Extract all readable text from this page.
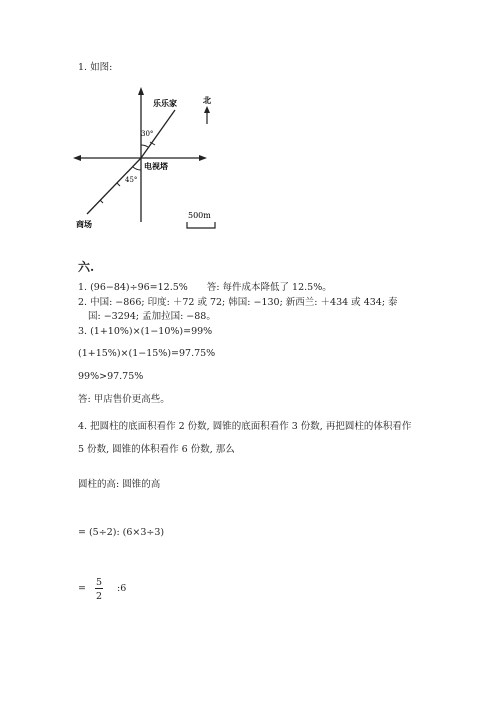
1. 如图:
乐乐家	北
30°
电视塔
45°
500m
商场
六.
1. (96−84)÷96=12.5%　　答: 每件成本降低了 12.5%。
2. 中国: −866; 印度: ＋72 或 72; 韩国: −130; 新西兰: ＋434 或 434; 泰
国: −3294; 孟加拉国: −88。
3. (1+10%)×(1−10%)=99%
(1+15%)×(1−15%)=97.75%
99%>97.75%
答: 甲店售价更高些。
4. 把圆柱的底面积看作 2 份数, 圆锥的底面积看作 3 份数, 再把圆柱的体积看作
5 份数, 圆锥的体积看作 6 份数, 那么
圆柱的高: 圆锥的高
= (5÷2): (6×3÷3)
=
5
2
:6
